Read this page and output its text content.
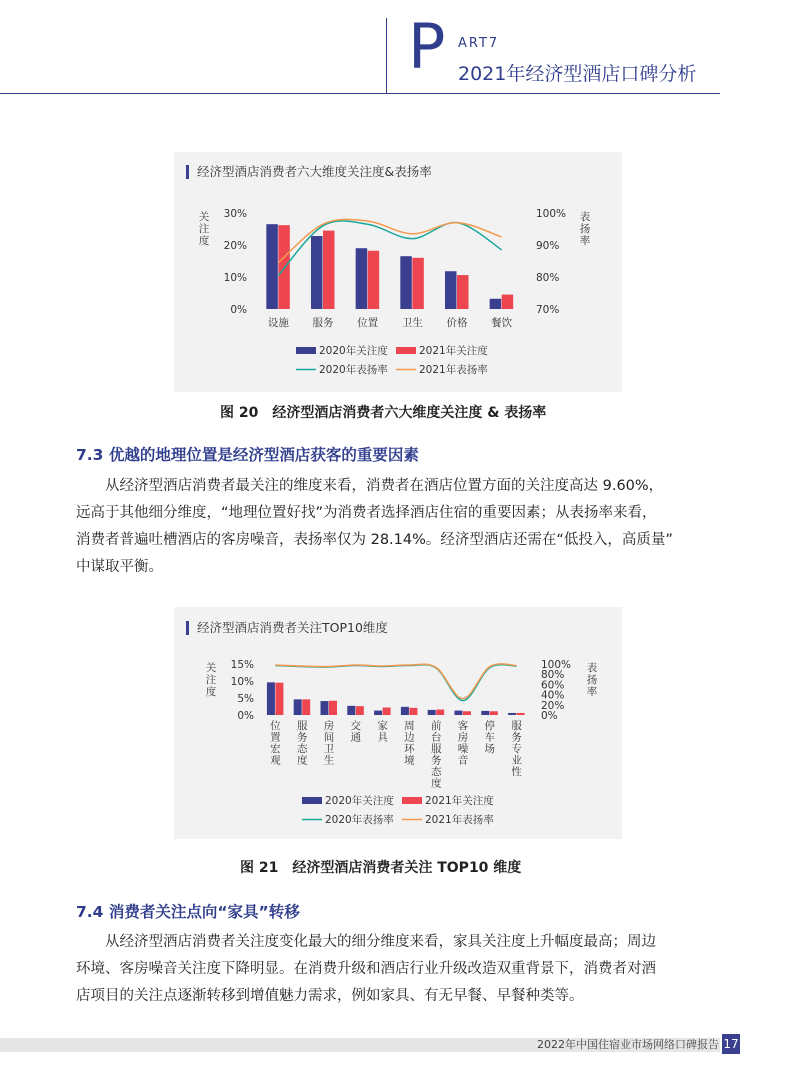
P ART7
2021年经济型酒店口碑分析
经济型酒店消费者六大维度关注度&表扬率
关注度
表扬率
0%
10%
20%
30%
70%
80%
90%
100%
设施 服务 位置 卫生 价格 餐饮
2020年关注度	2021年关注度
2020年表扬率	2021年表扬率
图 20　经济型酒店消费者六大维度关注度 & 表扬率
7.3 优越的地理位置是经济型酒店获客的重要因素
从经济型酒店消费者最关注的维度来看，消费者在酒店位置方面的关注度高达 9.60%，
远高于其他细分维度，“地理位置好找”为消费者选择酒店住宿的重要因素；从表扬率来看，
消费者普遍吐槽酒店的客房噪音，表扬率仅为 28.14%。经济型酒店还需在“低投入，高质量”
中谋取平衡。
经济型酒店消费者关注TOP10维度
关注度
表扬率
0%
5%
10%
15%
0%
20%
40%
60%
80%
100%
位置宏观
服务态度
房间卫生
交通
家具
周边环境
前台服务态度
客房噪音
停车场
服务专业性
2020年关注度	2021年关注度
2020年表扬率	2021年表扬率
图 21　经济型酒店消费者关注 TOP10 维度
7.4 消费者关注点向“家具”转移
从经济型酒店消费者关注度变化最大的细分维度来看，家具关注度上升幅度最高；周边
环境、客房噪音关注度下降明显。在消费升级和酒店行业升级改造双重背景下，消费者对酒
店项目的关注点逐渐转移到增值魅力需求，例如家具、有无早餐、早餐种类等。
2022年中国住宿业市场网络口碑报告 17
